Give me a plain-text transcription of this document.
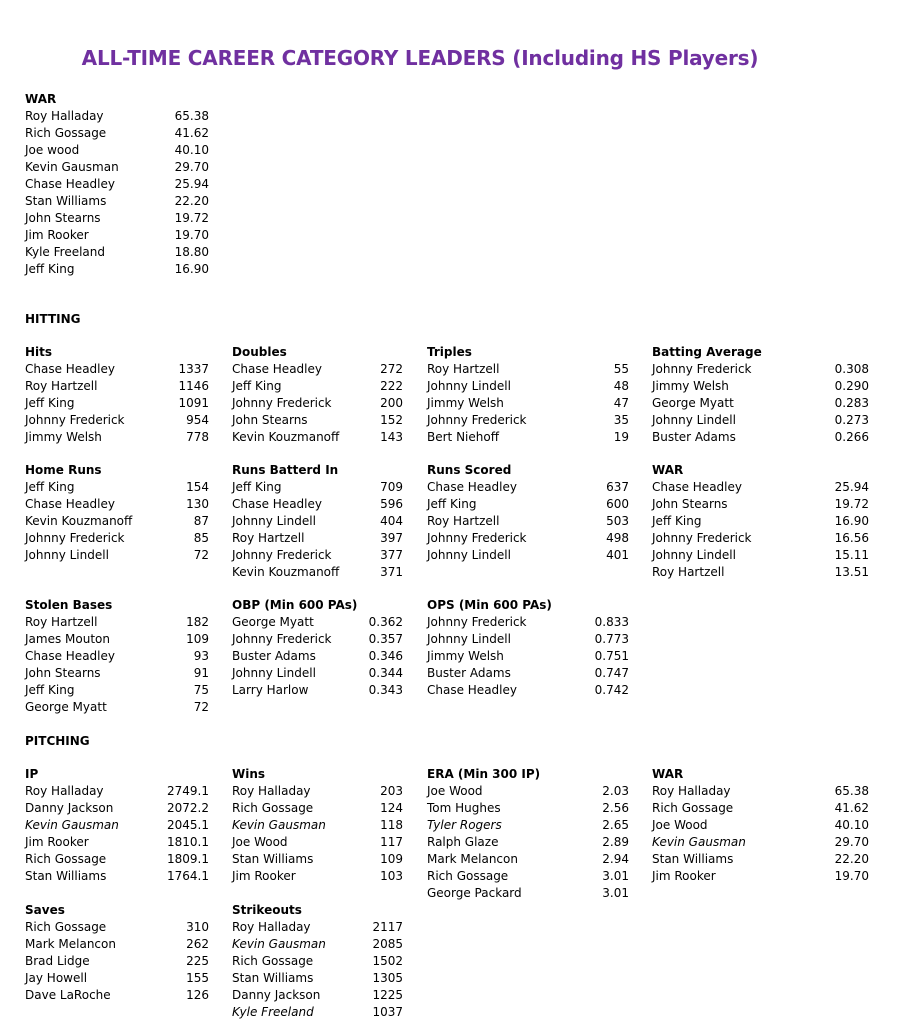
ALL-TIME CAREER CATEGORY LEADERS (Including HS Players)
HITTING
PITCHING
WAR
Roy Halladay	65.38
Rich Gossage	41.62
Joe wood	40.10
Kevin Gausman	29.70
Chase Headley	25.94
Stan Williams	22.20
John Stearns	19.72
Jim Rooker	19.70
Kyle Freeland	18.80
Jeff King	16.90
Hits
Chase Headley	1337
Roy Hartzell	1146
Jeff King	1091
Johnny Frederick	954
Jimmy Welsh	778
Doubles
Chase Headley	272
Jeff King	222
Johnny Frederick	200
John Stearns	152
Kevin Kouzmanoff	143
Triples
Roy Hartzell	55
Johnny Lindell	48
Jimmy Welsh	47
Johnny Frederick	35
Bert Niehoff	19
Batting Average
Johnny Frederick	0.308
Jimmy Welsh	0.290
George Myatt	0.283
Johnny Lindell	0.273
Buster Adams	0.266
Home Runs
Jeff King	154
Chase Headley	130
Kevin Kouzmanoff	87
Johnny Frederick	85
Johnny Lindell	72
Runs Batterd In
Jeff King	709
Chase Headley	596
Johnny Lindell	404
Roy Hartzell	397
Johnny Frederick	377
Kevin Kouzmanoff	371
Runs Scored
Chase Headley	637
Jeff King	600
Roy Hartzell	503
Johnny Frederick	498
Johnny Lindell	401
WAR
Chase Headley	25.94
John Stearns	19.72
Jeff King	16.90
Johnny Frederick	16.56
Johnny Lindell	15.11
Roy Hartzell	13.51
Stolen Bases
Roy Hartzell	182
James Mouton	109
Chase Headley	93
John Stearns	91
Jeff King	75
George Myatt	72
OBP (Min 600 PAs)
George Myatt	0.362
Johnny Frederick	0.357
Buster Adams	0.346
Johnny Lindell	0.344
Larry Harlow	0.343
OPS (Min 600 PAs)
Johnny Frederick	0.833
Johnny Lindell	0.773
Jimmy Welsh	0.751
Buster Adams	0.747
Chase Headley	0.742
IP
Roy Halladay	2749.1
Danny Jackson	2072.2
Kevin Gausman	2045.1
Jim Rooker	1810.1
Rich Gossage	1809.1
Stan Williams	1764.1
Wins
Roy Halladay	203
Rich Gossage	124
Kevin Gausman	118
Joe Wood	117
Stan Williams	109
Jim Rooker	103
ERA (Min 300 IP)
Joe Wood	2.03
Tom Hughes	2.56
Tyler Rogers	2.65
Ralph Glaze	2.89
Mark Melancon	2.94
Rich Gossage	3.01
George Packard	3.01
WAR
Roy Halladay	65.38
Rich Gossage	41.62
Joe Wood	40.10
Kevin Gausman	29.70
Stan Williams	22.20
Jim Rooker	19.70
Saves
Rich Gossage	310
Mark Melancon	262
Brad Lidge	225
Jay Howell	155
Dave LaRoche	126
Strikeouts
Roy Halladay	2117
Kevin Gausman	2085
Rich Gossage	1502
Stan Williams	1305
Danny Jackson	1225
Kyle Freeland	1037
